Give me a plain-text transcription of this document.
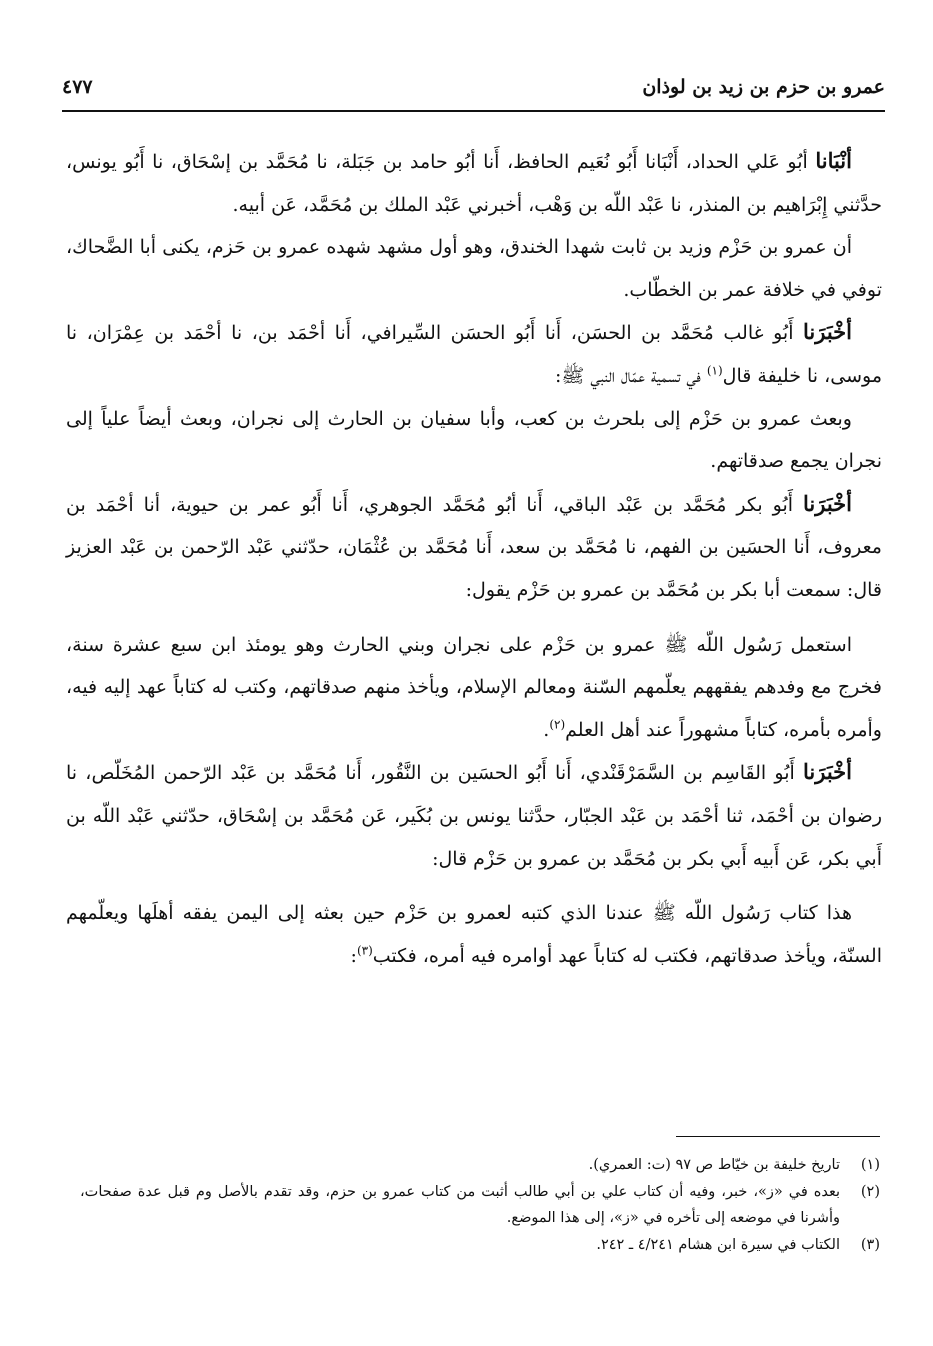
عمرو بن حزم بن زيد بن لوذان
٤٧٧

أنْبَانا أبُو عَلي الحداد، أَنْبَانا أَبُو نُعَيم الحافظ، أَنا أبُو حامد بن جَبَلة، نا مُحَمَّد بن إسْحَاق، نا أَبُو يونس، حدَّثني إِبْرَاهيم بن المنذر، نا عَبْد اللّه بن وَهْب، أخبرني عَبْد الملك بن مُحَمَّد، عَن أبيه.

أن عمرو بن حَزْم وزيد بن ثابت شهدا الخندق، وهو أول مشهد شهده عمرو بن حَزم، يكنى أبا الضَّحاك، توفي في خلافة عمر بن الخطّاب.

أخْبَرَنا أَبُو غالب مُحَمَّد بن الحسَن، أَنا أَبُو الحسَن السِّيرافي، أَنا أحْمَد بن، نا أحْمَد بن عِمْرَان، نا موسى، نا خليفة قال$^{(١)}$ في تسمية عمّال النبي ﷺ:

وبعث عمرو بن حَزْم إلى بلحرث بن كعب، وأبا سفيان بن الحارث إلى نجران، وبعث أيضاً علياً إلى نجران يجمع صدقاتهم.

أخْبَرَنا أَبُو بكر مُحَمَّد بن عَبْد الباقي، أَنا أبُو مُحَمَّد الجوهري، أَنا أَبُو عمر بن حيوية، أنا أحْمَد بن معروف، أَنا الحسَين بن الفهم، نا مُحَمَّد بن سعد، أَنا مُحَمَّد بن عُثْمَان، حدّثني عَبْد الرّحمن بن عَبْد العزيز قال: سمعت أبا بكر بن مُحَمَّد بن عمرو بن حَزْم يقول:

استعمل رَسُول اللّه ﷺ عمرو بن حَزْم على نجران وبني الحارث وهو يومئذ ابن سبع عشرة سنة، فخرج مع وفدهم يفقههم يعلّمهم السّنة ومعالم الإسلام، ويأخذ منهم صدقاتهم، وكتب له كتاباً عهد إليه فيه، وأمره بأمره، كتاباً مشهوراً عند أهل العلم$^{(٢)}$.

أخْبَرَنا أَبُو القَاسِم بن السَّمَرْقَنْدي، أَنا أَبُو الحسَين بن النَّقُور، أَنا مُحَمَّد بن عَبْد الرّحمن المُخَلّص، نا رضوان بن أحْمَد، ثنا أحْمَد بن عَبْد الجبّار، حدَّثنا يونس بن بُكَير، عَن مُحَمَّد بن إسْحَاق، حدّثني عَبْد اللّه بن أَبي بكر، عَن أَبيه أَبي بكر بن مُحَمَّد بن عمرو بن حَزْم قال:

هذا كتاب رَسُول اللّه ﷺ عندنا الذي كتبه لعمرو بن حَزْم حين بعثه إلى اليمن يفقه أهلَها ويعلّمهم السنّة، ويأخذ صدقاتهم، فكتب له كتاباً عهد أوامره فيه أمره، فكتب$^{(٣)}$:

(١)
تاريخ خليفة بن خيّاط ص ٩٧ (ت: العمري).
(٢)
بعده في «ز»، خبر، وفيه أن كتاب علي بن أبي طالب أثبت من كتاب عمرو بن حزم، وقد تقدم بالأصل وم قبل عدة صفحات، وأشرنا في موضعه إلى تأخره في «ز»، إلى هذا الموضع.
(٣)
الكتاب في سيرة ابن هشام ٤/٢٤١ ـ ٢٤٢.
